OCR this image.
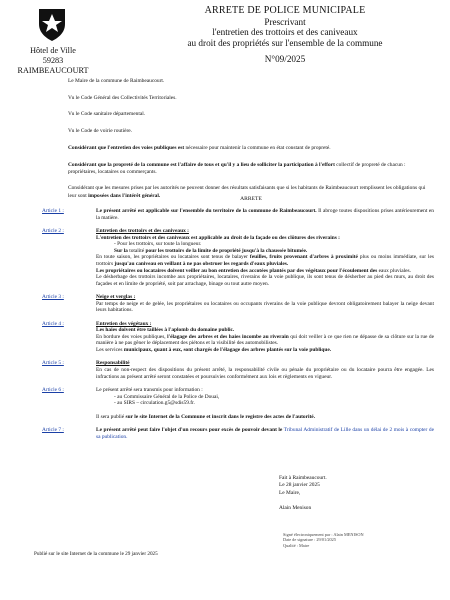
Hôtel de Ville
59283 RAIMBEAUCOURT
ARRETE DE POLICE MUNICIPALE
Prescrivant
l'entretien des trottoirs et des caniveaux
au droit des propriétés sur l'ensemble de la commune
N°09/2025

Le Maire de la commune de Raimbeaucourt.

Vu le Code Général des Collectivités Territoriales.

Vu le Code sanitaire départemental.

Vu le Code de voirie routière.

Considérant que l'entretien des voies publiques est nécessaire pour maintenir la commune en état constant de propreté.

Considérant que la propreté de la commune est l'affaire de tous et qu'il y a lieu de solliciter la participation à l'effort collectif de propreté de chacun : propriétaires, locataires ou commerçants.

Considérant que les mesures prises par les autorités ne peuvent donner des résultats satisfaisants que si les habitants de Raimbeaucourt remplissent les obligations qui leur sont imposées dans l'intérêt général.

ARRETE
Article 1 :	Le présent arrêté est applicable sur l'ensemble du territoire de la commune de Raimbeaucourt. Il abroge toutes dispositions prises antérieurement en la matière.
Article 2 :	Entretien des trottoirs et des caniveaux :

L'entretien des trottoirs et des caniveaux est applicable au droit de la façade ou des clôtures des riverains :

- Pour les trottoirs, sur toute la longueur.

Sur la totalité pour les trottoirs de la limite de propriété jusqu'à la chaussée bitumée.

En toute saison, les propriétaires ou locataires sont tenus de balayer feuilles, fruits provenant d'arbres à proximité plus ou moins immédiate, sur les trottoirs jusqu'au caniveau en veillant à ne pas obstruer les regards d'eaux pluviales.

Les propriétaires ou locataires doivent veiller au bon entretien des accotées plantés par des végétaux pour l'écoulement des eaux pluviales.

Le désherbage des trottoirs incombe aux propriétaires, locataires, riverains de la voie publique, ils sont tenus de désherber au pied des murs, au droit des façades et en limite de propriété, soit par arrachage, binage ou tout autre moyen.

Article 3 :	Neige et verglas :

Par temps de neige et de gelée, les propriétaires ou locataires ou occupants riverains de la voie publique devront obligatoirement balayer la neige devant leurs habitations.

Article 4 :	Entretien des végétaux :

Les haies doivent être taillées à l'aplomb du domaine public.

En bordure des voies publiques, l'élagage des arbres et des haies incombe au riverain qui doit veiller à ce que rien ne dépasse de sa clôture sur la rue de manière à ne pas gêner le déplacement des piétons et la visibilité des automobilistes.

Les services municipaux, quant à eux, sont chargés de l'élagage des arbres plantés sur la voie publique.

Article 5 :	Responsabilité

En cas de non-respect des dispositions du présent arrêté, la responsabilité civile ou pénale du propriétaire ou du locataire pourra être engagée. Les infractions au présent arrêté seront constatées et poursuivies conformément aux lois et règlements en vigueur.

Article 6 :	Le présent arrêté sera transmis pour information :

- au Commissaire Général de la Police de Douai,

- au SIRS – circulation.g5@sdis59.fr.

Il sera publié sur le site Internet de la Commune et inscrit dans le registre des actes de l'autorité.

Article 7 :	Le présent arrêté peut faire l'objet d'un recours pour excès de pouvoir devant le Tribunal Administratif de Lille dans un délai de 2 mois à compter de sa publication.
Fait à Raimbeaucourt.
Le 28 janvier 2025
Le Maire,
Alain Menison
Signé électroniquement par : Alain MENISON
Date de signature : 29/01/2025
Qualité : Maire
Publié sur le site Internet de la commune le 29 janvier 2025
